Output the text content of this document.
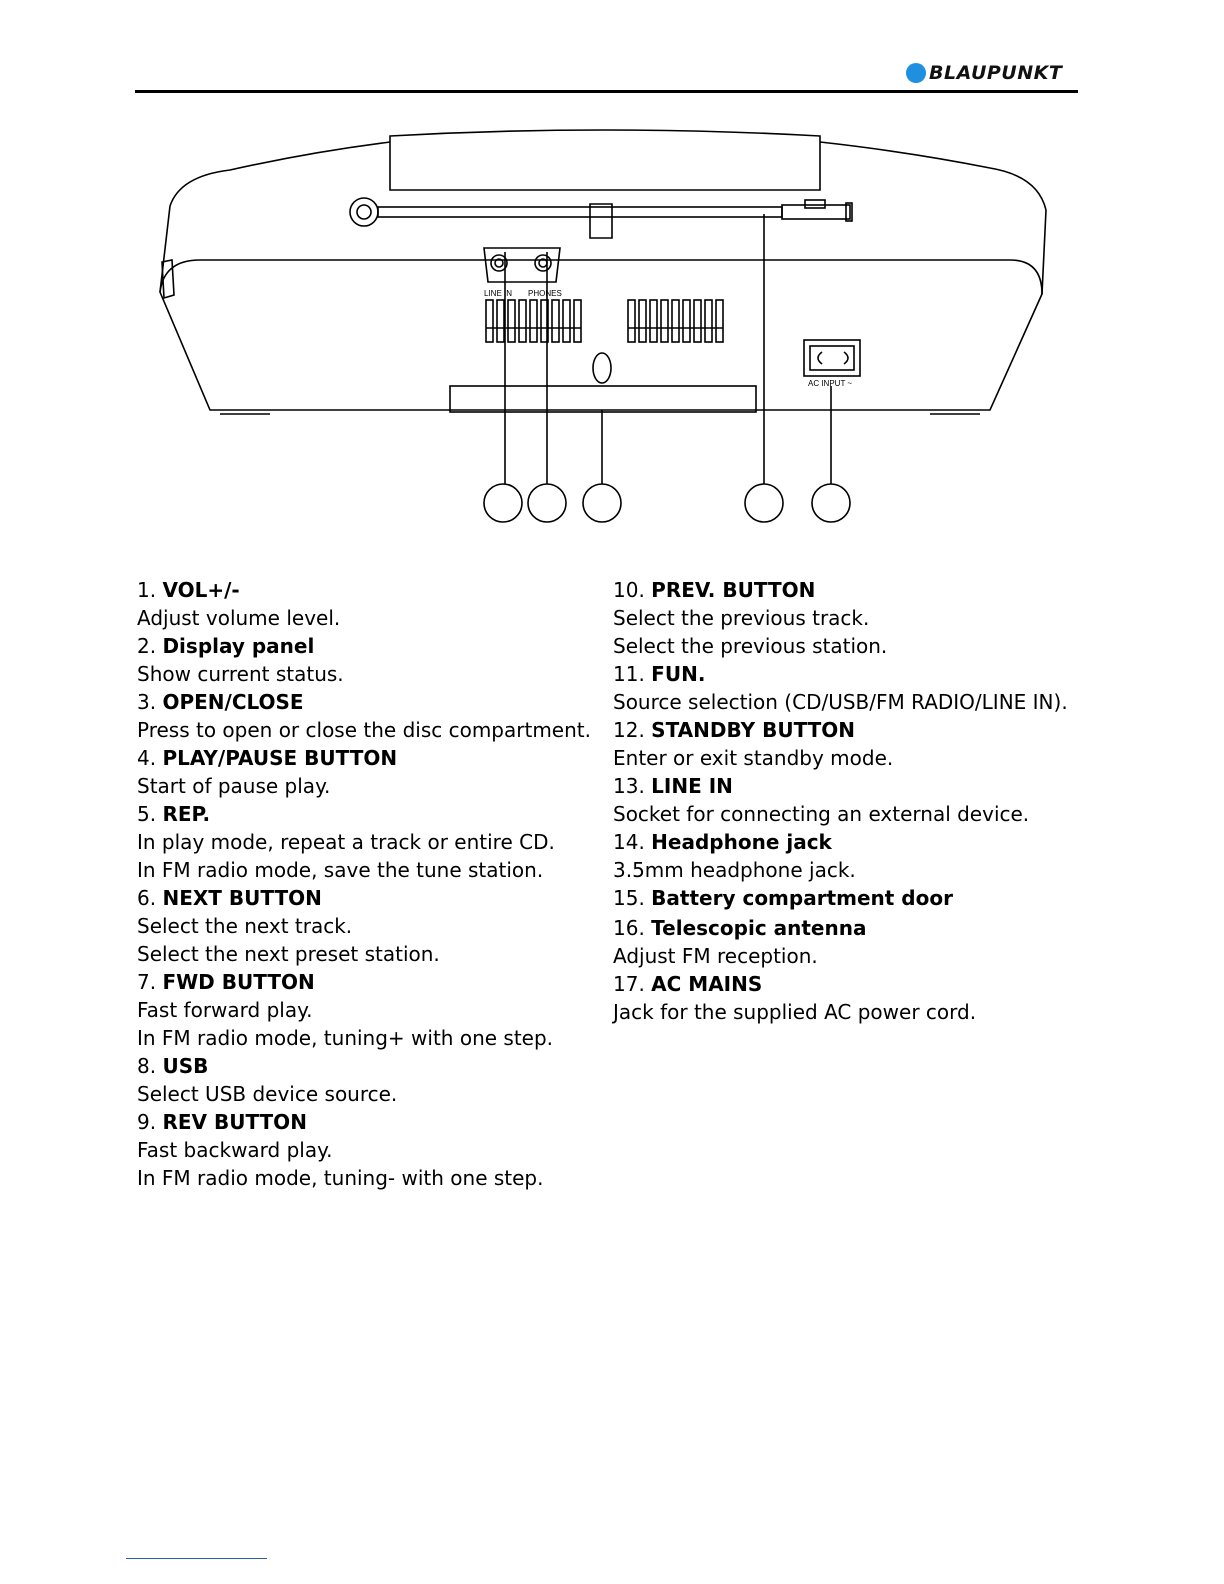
BLAUPUNKT
LINE IN PHONES
AC INPUT ~
1. VOL+/-
Adjust volume level.
2. Display panel
Show current status.
3. OPEN/CLOSE
Press to open or close the disc compartment.
4. PLAY/PAUSE BUTTON
Start of pause play.
5. REP.
In play mode, repeat a track or entire CD.
In FM radio mode, save the tune station.
6. NEXT BUTTON
Select the next track.
Select the next preset station.
7. FWD BUTTON
Fast forward play.
In FM radio mode, tuning+ with one step.
8. USB
Select USB device source.
9. REV BUTTON
Fast backward play.
In FM radio mode, tuning- with one step.
10. PREV. BUTTON
Select the previous track.
Select the previous station.
11. FUN.
Source selection (CD/USB/FM RADIO/LINE IN).
12. STANDBY BUTTON
Enter or exit standby mode.
13. LINE IN
Socket for connecting an external device.
14. Headphone jack
3.5mm headphone jack.
15. Battery compartment door
16. Telescopic antenna
Adjust FM reception.
17. AC MAINS
Jack for the supplied AC power cord.
